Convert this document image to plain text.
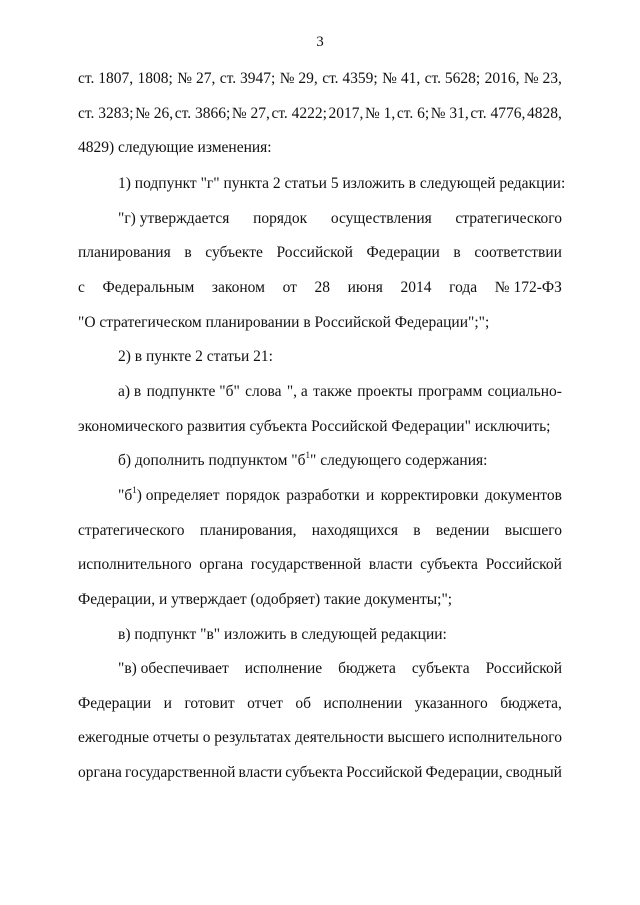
3
ст. 1807, 1808; № 27, ст. 3947; № 29, ст. 4359; № 41, ст. 5628; 2016, № 23,
ст. 3283; № 26, ст. 3866; № 27, ст. 4222; 2017, № 1, ст. 6; № 31, ст. 4776, 4828,
4829) следующие изменения:
1) подпункт "г" пункта 2 статьи 5 изложить в следующей редакции:
"г) утверждается порядок осуществления стратегического
планирования в субъекте Российской Федерации в соответствии
с Федеральным законом от 28 июня 2014 года № 172-ФЗ
"О стратегическом планировании в Российской Федерации";";
2) в пункте 2 статьи 21:
а) в подпункте "б" слова ", а также проекты программ социально-
экономического развития субъекта Российской Федерации" исключить;
б) дополнить подпунктом "$б^1$" следующего содержания:
"$б^1$) определяет порядок разработки и корректировки документов
стратегического планирования, находящихся в ведении высшего
исполнительного органа государственной власти субъекта Российской
Федерации, и утверждает (одобряет) такие документы;";
в) подпункт "в" изложить в следующей редакции:
"в) обеспечивает исполнение бюджета субъекта Российской
Федерации и готовит отчет об исполнении указанного бюджета,
ежегодные отчеты о результатах деятельности высшего исполнительного
органа государственной власти субъекта Российской Федерации, сводный
